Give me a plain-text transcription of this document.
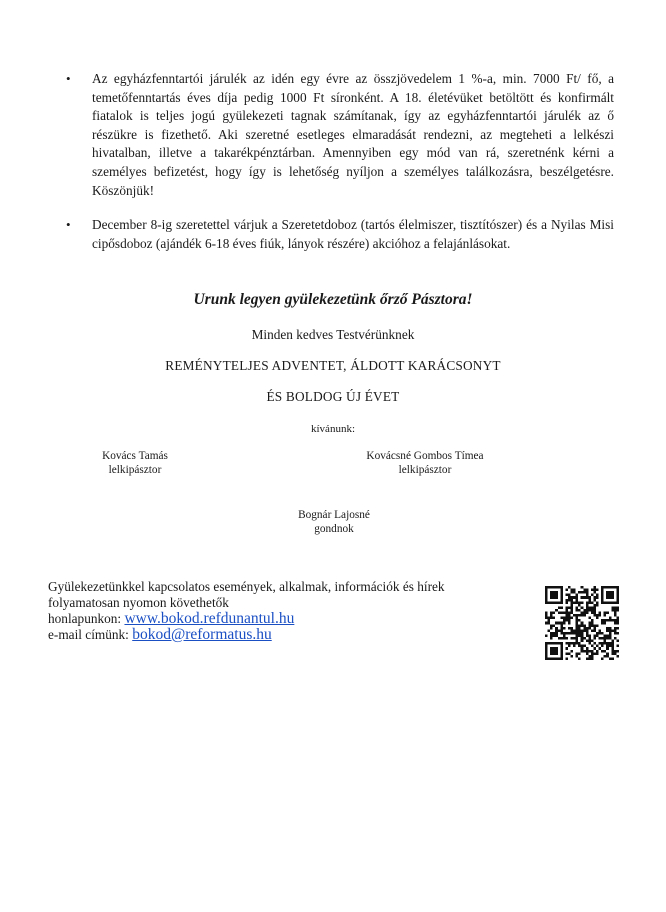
• Az egyházfenntartói járulék az idén egy évre az összjövedelem 1 %-a, min. 7000 Ft/ fő, a temetőfenntartás éves díja pedig 1000 Ft síronként. A 18. életévüket betöltött és konfirmált fiatalok is teljes jogú gyülekezeti tagnak számítanak, így az egyházfenntartói járulék az ő részükre is fizethető. Aki szeretné esetleges elmaradását rendezni, az megteheti a lelkészi hivatalban, illetve a takarékpénztárban. Amennyiben egy mód van rá, szeretnénk kérni a személyes befizetést, hogy így is lehetőség nyíljon a személyes találkozásra, beszélgetésre. Köszönjük!
• December 8-ig szeretettel várjuk a Szeretetdoboz (tartós élelmiszer, tisztítószer) és a Nyilas Misi cipősdoboz (ajándék 6-18 éves fiúk, lányok részére) akcióhoz a felajánlásokat.
Urunk legyen gyülekezetünk őrző Pásztora!
Minden kedves Testvérünknek
REMÉNYTELJES ADVENTET, ÁLDOTT KARÁCSONYT
ÉS BOLDOG ÚJ ÉVET
kívánunk:
Kovács Tamás
lelkipásztor
Kovácsné Gombos Tímea
lelkipásztor
Bognár Lajosné
gondnok
Gyülekezetünkkel kapcsolatos események, alkalmak, információk és hírek
folyamatosan nyomon követhetők
honlapunkon: www.bokod.refdunantul.hu
e-mail címünk: bokod@reformatus.hu
